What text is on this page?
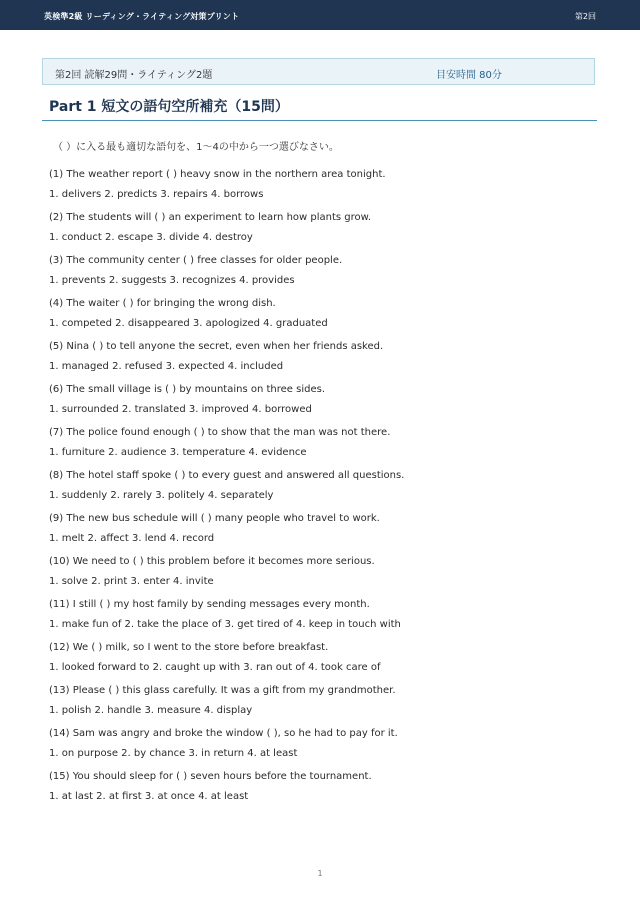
英検準2級 リーディング・ライティング対策プリント	第2回
第2回 読解29問・ライティング2題	目安時間 80分
Part 1 短文の語句空所補充（15問）
（ ）に入る最も適切な語句を、1〜4の中から一つ選びなさい。
(1) The weather report ( ) heavy snow in the northern area tonight.
1. delivers 2. predicts 3. repairs 4. borrows
(2) The students will ( ) an experiment to learn how plants grow.
1. conduct 2. escape 3. divide 4. destroy
(3) The community center ( ) free classes for older people.
1. prevents 2. suggests 3. recognizes 4. provides
(4) The waiter ( ) for bringing the wrong dish.
1. competed 2. disappeared 3. apologized 4. graduated
(5) Nina ( ) to tell anyone the secret, even when her friends asked.
1. managed 2. refused 3. expected 4. included
(6) The small village is ( ) by mountains on three sides.
1. surrounded 2. translated 3. improved 4. borrowed
(7) The police found enough ( ) to show that the man was not there.
1. furniture 2. audience 3. temperature 4. evidence
(8) The hotel staff spoke ( ) to every guest and answered all questions.
1. suddenly 2. rarely 3. politely 4. separately
(9) The new bus schedule will ( ) many people who travel to work.
1. melt 2. affect 3. lend 4. record
(10) We need to ( ) this problem before it becomes more serious.
1. solve 2. print 3. enter 4. invite
(11) I still ( ) my host family by sending messages every month.
1. make fun of 2. take the place of 3. get tired of 4. keep in touch with
(12) We ( ) milk, so I went to the store before breakfast.
1. looked forward to 2. caught up with 3. ran out of 4. took care of
(13) Please ( ) this glass carefully. It was a gift from my grandmother.
1. polish 2. handle 3. measure 4. display
(14) Sam was angry and broke the window ( ), so he had to pay for it.
1. on purpose 2. by chance 3. in return 4. at least
(15) You should sleep for ( ) seven hours before the tournament.
1. at last 2. at first 3. at once 4. at least
1
